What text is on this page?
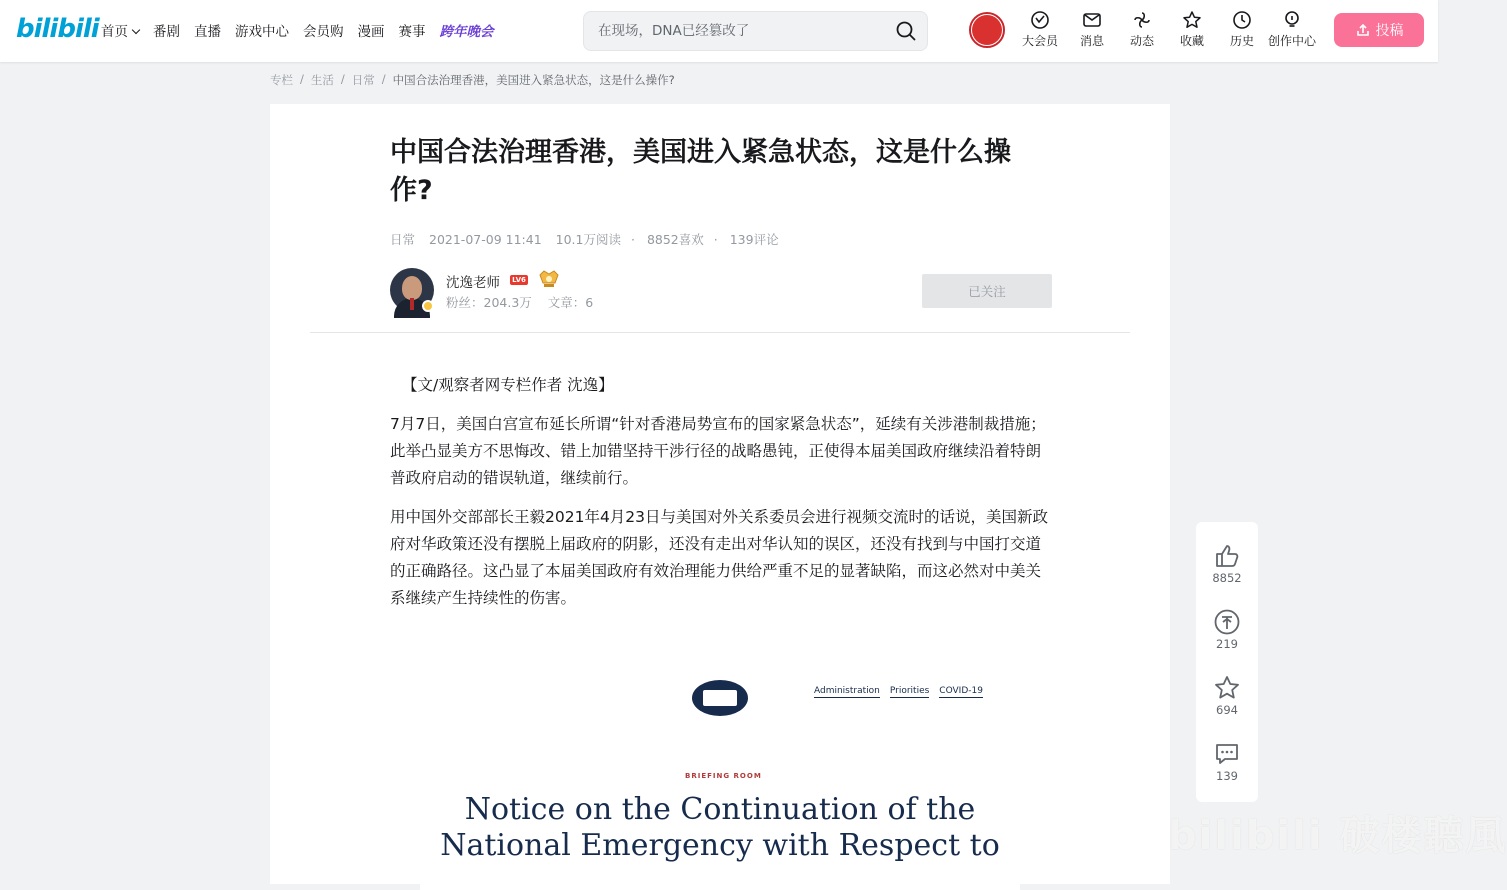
bilibili 首页	番剧 直播 游戏中心 会员购 漫画 赛事 跨年晚会
在现场，DNA已经篡改了
大会员 消息 动态 收藏 历史 创作中心
投稿
专栏 / 生活 / 日常 / 中国合法治理香港，美国进入紧急状态，这是什么操作?
中国合法治理香港，美国进入紧急状态，这是什么操作?
日常 2021-07-09 11:41 10.1万阅读 · 8852喜欢 · 139评论
沈逸老师 LV6
粉丝：204.3万 文章：6
已关注

【文/观察者网专栏作者 沈逸】

7月7日，美国白宫宣布延长所谓“针对香港局势宣布的国家紧急状态”，延续有关涉港制裁措施；此举凸显美方不思悔改、错上加错坚持干涉行径的战略愚钝，正使得本届美国政府继续沿着特朗普政府启动的错误轨道，继续前行。

用中国外交部部长王毅2021年4月23日与美国对外关系委员会进行视频交流时的话说，美国新政府对华政策还没有摆脱上届政府的阴影，还没有走出对华认知的误区，还没有找到与中国打交道的正确路径。这凸显了本届美国政府有效治理能力供给严重不足的显著缺陷，而这必然对中美关系继续产生持续性的伤害。

Administration Priorities COVID-19
BRIEFING ROOM
Notice on the Continuation of the National Emergency with Respect to
8852
219
694
139
bilibili 破楼聽風
